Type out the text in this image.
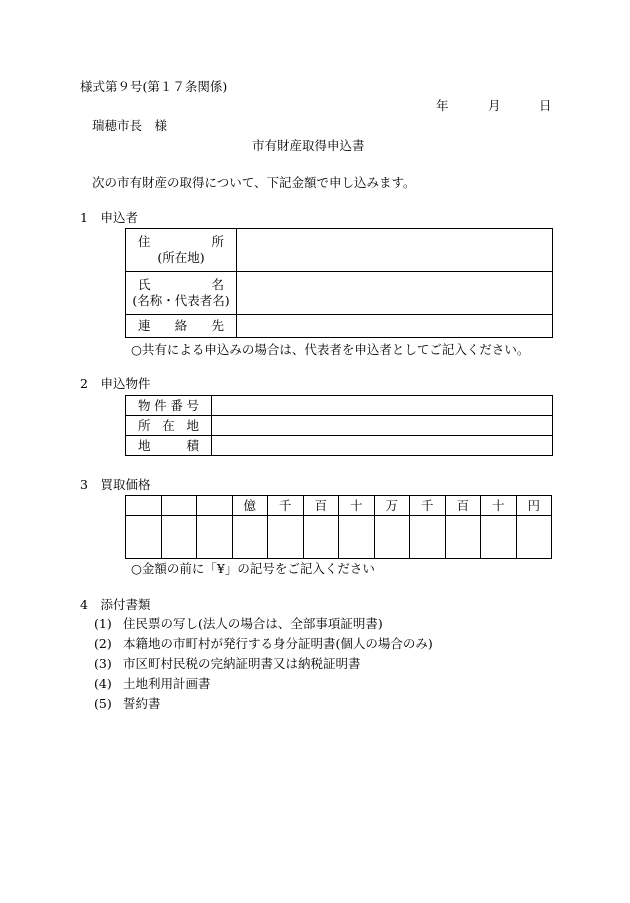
様式第９号(第１７条関係)
年	月	日
瑞穂市長　様
市有財産取得申込書
次の市有財産の取得について、下記金額で申し込みます。
1　申込者
住　　所
(所在地)	

氏　　名
(名称・代表者名)	

連 絡 先	

○共有による申込みの場合は、代表者を申込者としてご記入ください。
2　申込物件
物件番号	

所 在 地	

地　　積	

3　買取価格
			億	千	百	十	万	千	百	十	円

○金額の前に「¥」の記号をご記入ください
4　添付書類
(1) 住民票の写し(法人の場合は、全部事項証明書)
(2) 本籍地の市町村が発行する身分証明書(個人の場合のみ)
(3) 市区町村民税の完納証明書又は納税証明書
(4) 土地利用計画書
(5) 誓約書
